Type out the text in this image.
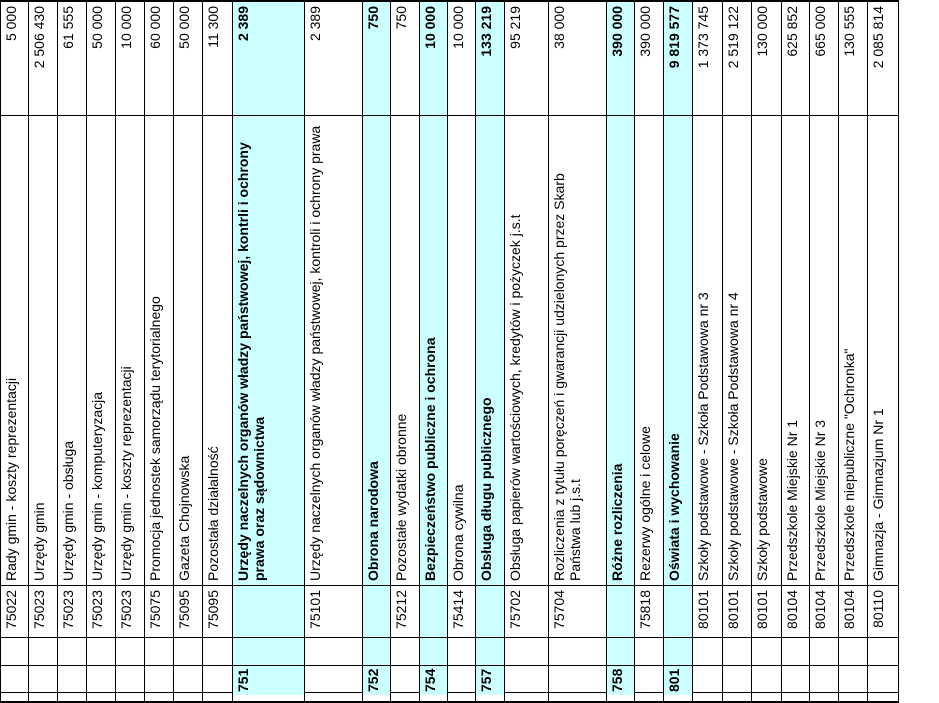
75022
Rady gmin - koszty reprezentacji
5 000
75023
Urzędy gmin
2 506 430
75023
Urzędy gmin - obsługa
61 555
75023
Urzędy gmin - komputeryzacja
50 000
75023
Urzędy gmin - koszty reprezentacji
10 000
75075
Promocja jednostek samorządu terytorialnego
60 000
75095
Gazeta Chojnowska
50 000
75095
Pozostała działalność
11 300
751
Urzędy naczelnych organów władzy państwowej, kontrli i ochrony prawa oraz sądownictwa
2 389
75101
Urzędy naczelnych organów władzy państwowej, kontroli i ochrony prawa
2 389
752
Obrona narodowa
750
75212
Pozostałe wydatki obronne
750
754
Bezpieczeństwo publiczne i ochrona
10 000
75414
Obrona cywilna
10 000
757
Obsługa długu publicznego
133 219
75702
Obsługa papierów wartościowych, kredytów i pożyczek j.s.t
95 219
75704
Rozliczenia z tytułu poręczeń i gwarancji udzielonych przez Skarb Państwa lub j.s.t
38 000
758
Różne rozliczenia
390 000
75818
Rezerwy ogólne i celowe
390 000
801
Oświata i wychowanie
9 819 577
80101
Szkoły podstawowe - Szkoła Podstawowa nr 3
1 373 745
80101
Szkoły podstawowe - Szkoła Podstawowa nr 4
2 519 122
80101
Szkoły podstawowe
130 000
80104
Przedszkole Miejskie Nr 1
625 852
80104
Przedszkole Miejskie Nr 3
665 000
80104
Przedszkole niepubliczne "Ochronka"
130 555
80110
Gimnazja - Gimnazjum Nr 1
2 085 814
